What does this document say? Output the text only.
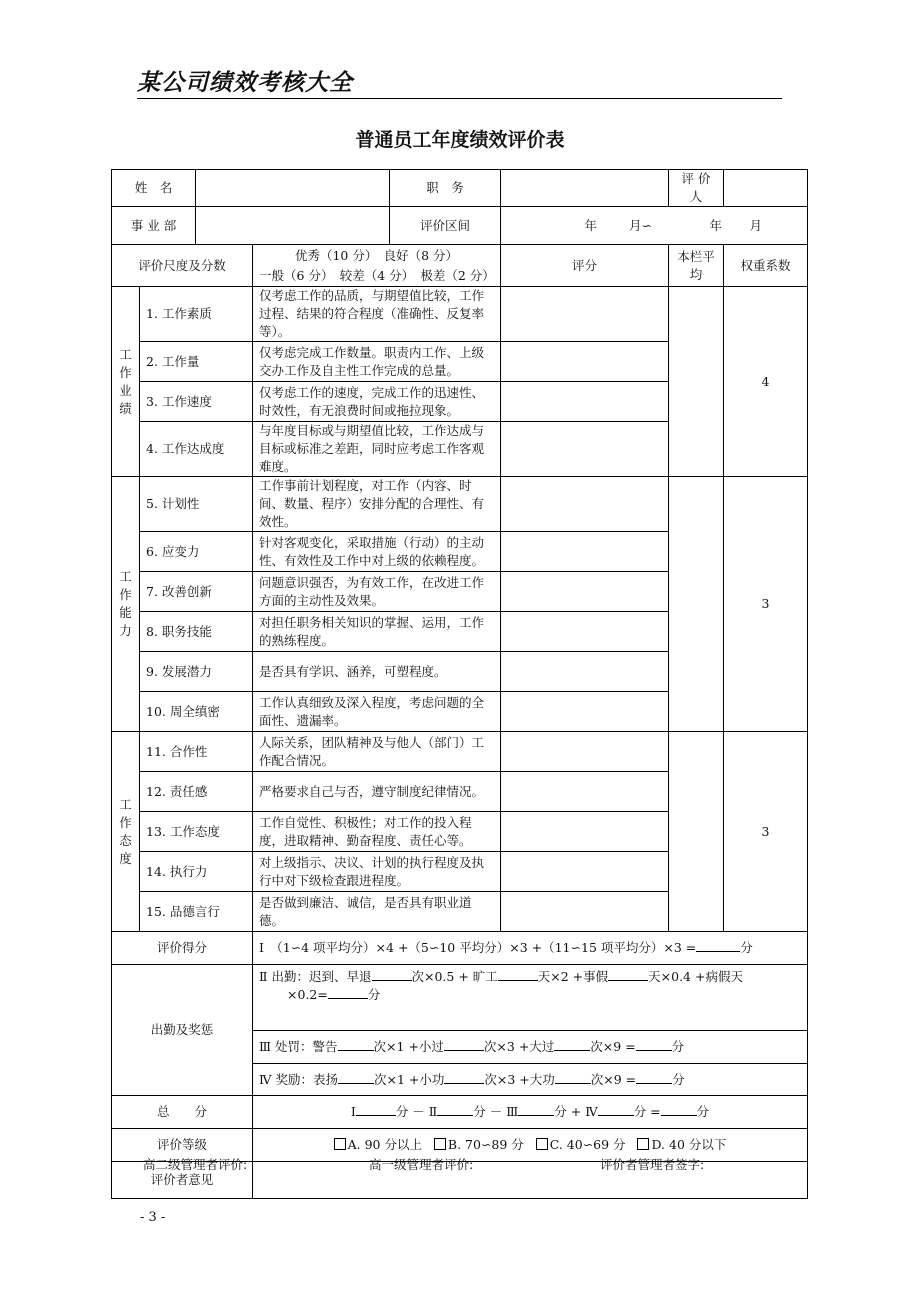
某公司绩效考核大全
普通员工年度绩效评价表
姓　名				职　务		评 价 人	
事 业 部				评价区间	年 月∽ 年 月		
评价尺度及分数			优秀（10 分）　良好（8 分）
一般（6 分）　较差（4 分）　极差（2 分）		评分	本栏平均	权重系数

工
作
业
绩	1. 工作素质		仅考虑工作的品质，与期望值比较，工作过程、结果的符合程度（准确性、反复率等）。				4
	2. 工作量		仅考虑完成工作数量。职责内工作、上级交办工作及自主性工作完成的总量。				
	3. 工作速度		仅考虑工作的速度，完成工作的迅速性、时效性，有无浪费时间或拖拉现象。				
	4. 工作达成度		与年度目标或与期望值比较，工作达成与目标或标准之差距，同时应考虑工作客观难度。				

工
作
能
力	5. 计划性		工作事前计划程度，对工作（内容、时间、数量、程序）安排分配的合理性、有效性。				3
	6. 应变力		针对客观变化，采取措施（行动）的主动性、有效性及工作中对上级的依赖程度。				
	7. 改善创新		问题意识强否，为有效工作，在改进工作方面的主动性及效果。				
	8. 职务技能		对担任职务相关知识的掌握、运用，工作的熟练程度。				
	9. 发展潜力		是否具有学识、涵养，可塑程度。				
	10. 周全缜密		工作认真细致及深入程度，考虑问题的全面性、遗漏率。				

工
作
态
度	11. 合作性		人际关系，团队精神及与他人（部门）工作配合情况。				3
	12. 责任感		严格要求自己与否，遵守制度纪律情况。				
	13. 工作态度		工作自觉性、积极性；对工作的投入程度，进取精神、勤奋程度、责任心等。				
	14. 执行力		对上级指示、决议、计划的执行程度及执行中对下级检查跟进程度。				
	15. 品德言行		是否做到廉洁、诚信，是否具有职业道德。				
评价得分			Ⅰ　（1∽4 项平均分）×4 +（5∽10 平均分）×3 +（11∽15 项平均分）×3 = 分				
出勤及奖惩			Ⅱ 出勤：迟到、早退 次×0.5 + 旷工 天×2 +事假 天×0.4 +病假天
×0.2= 分				
			Ⅲ 处罚：警告 次×1 +小过 次×3 +大过 次×9 = 分				
			Ⅳ 奖励：表扬 次×1 +小功 次×3 +大功 次×9 = 分				
总　　分			Ⅰ 分 － Ⅱ 分 － Ⅲ 分 + Ⅳ 分 = 分				
评价等级			A. 90 分以上 B. 70∽89 分 C. 40∽69 分 D. 40 分以下				
评价者意见							
高二级管理者评价:	高一级管理者评价:	评价者管理者签字:
- 3 -
